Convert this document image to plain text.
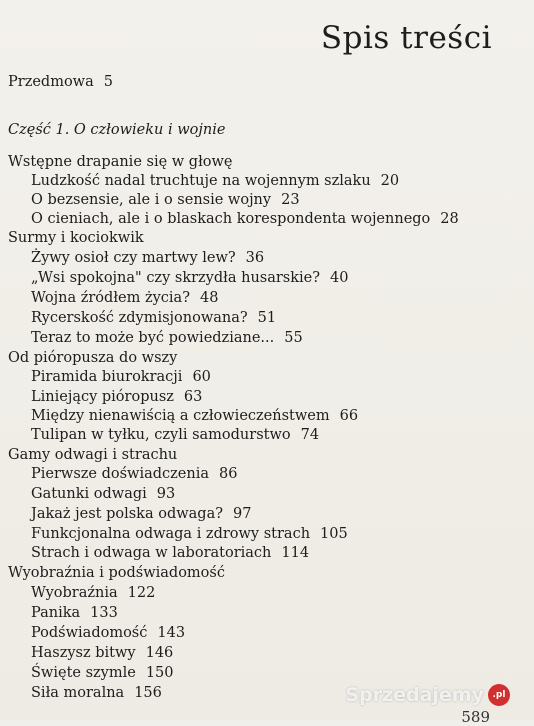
Spis treści
Przedmowa 5
Część 1. O człowieku i wojnie
Wstępne drapanie się w głowę
Ludzkość nadal truchtuje na wojennym szlaku 20
O bezsensie, ale i o sensie wojny 23
O cieniach, ale i o blaskach korespondenta wojennego 28
Surmy i kociokwik
Żywy osioł czy martwy lew? 36
„Wsi spokojna" czy skrzydła husarskie? 40
Wojna źródłem życia? 48
Rycerskość zdymisjonowana? 51
Teraz to może być powiedziane... 55
Od pióropusza do wszy
Piramida biurokracji 60
Liniejący pióropusz 63
Między nienawiścią a człowieczeństwem 66
Tulipan w tyłku, czyli samodurstwo 74
Gamy odwagi i strachu
Pierwsze doświadczenia 86
Gatunki odwagi 93
Jakaż jest polska odwaga? 97
Funkcjonalna odwaga i zdrowy strach 105
Strach i odwaga w laboratoriach 114
Wyobraźnia i podświadomość
Wyobraźnia 122
Panika 133
Podświadomość 143
Haszysz bitwy 146
Święte szymle 150
Siła moralna 156	Sprzedajemy .pl
589
